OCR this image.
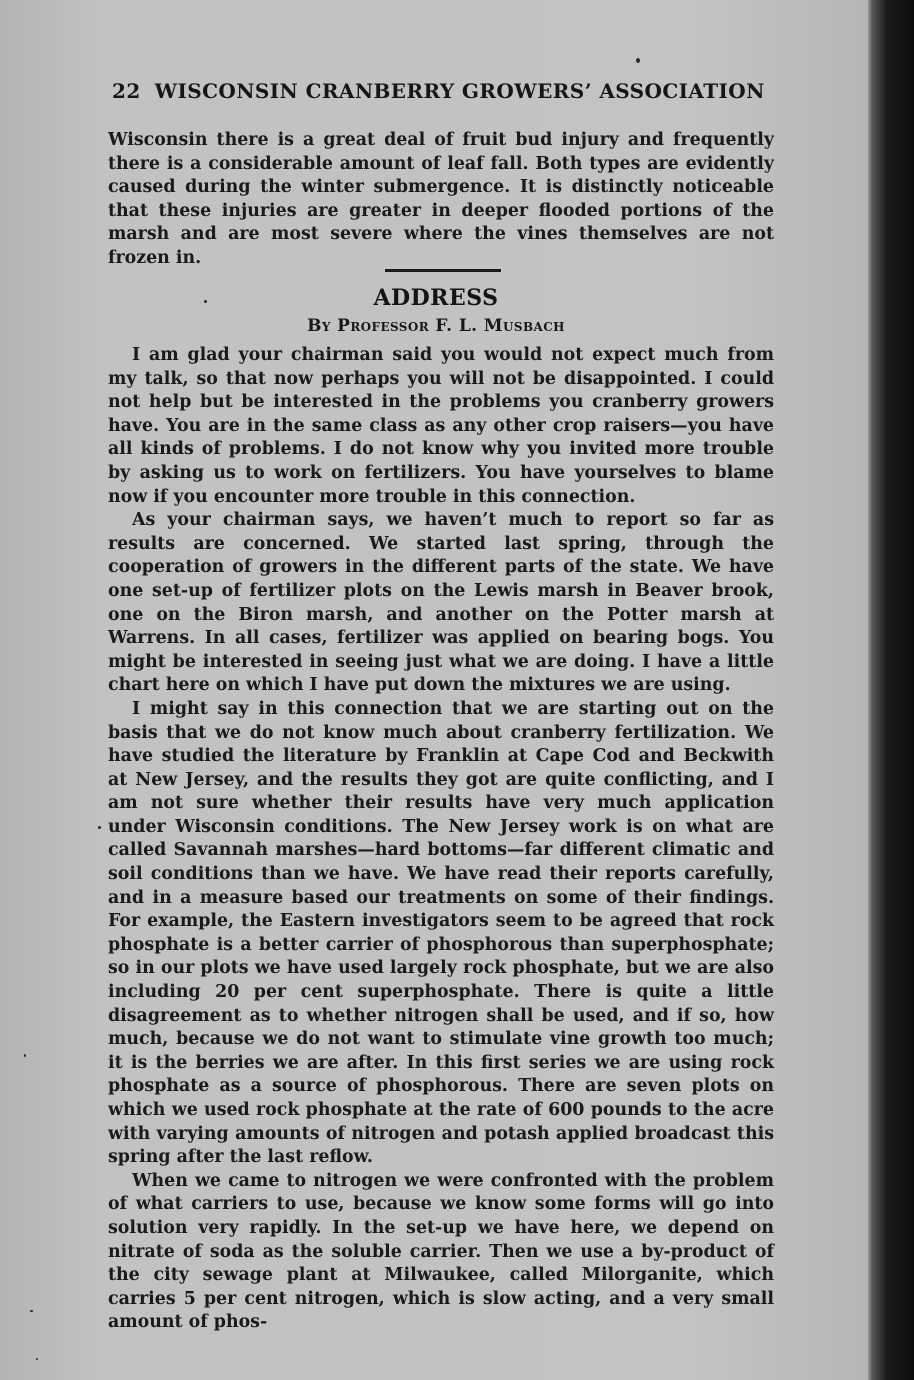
22 WISCONSIN CRANBERRY GROWERS’ ASSOCIATION

Wisconsin there is a great deal of fruit bud injury and frequently there is a considerable amount of leaf fall. Both types are evidently caused during the winter submergence. It is distinctly noticeable that these injuries are greater in deeper flooded portions of the marsh and are most severe where the vines themselves are not frozen in.

ADDRESS
By Professor F. L. Musbach

I am glad your chairman said you would not expect much from my talk, so that now perhaps you will not be disappointed. I could not help but be interested in the problems you cranberry growers have. You are in the same class as any other crop raisers—you have all kinds of problems. I do not know why you invited more trouble by asking us to work on fertilizers. You have yourselves to blame now if you encounter more trouble in this connection.

As your chairman says, we haven’t much to report so far as results are concerned. We started last spring, through the cooperation of growers in the different parts of the state. We have one set-up of fertilizer plots on the Lewis marsh in Beaver brook, one on the Biron marsh, and another on the Potter marsh at Warrens. In all cases, fertilizer was applied on bearing bogs. You might be interested in seeing just what we are doing. I have a little chart here on which I have put down the mixtures we are using.

I might say in this connection that we are starting out on the basis that we do not know much about cranberry fertilization. We have studied the literature by Franklin at Cape Cod and Beckwith at New Jersey, and the results they got are quite conflicting, and I am not sure whether their results have very much application under Wisconsin conditions. The New Jersey work is on what are called Savannah marshes—hard bottoms—far different climatic and soil conditions than we have. We have read their reports carefully, and in a measure based our treatments on some of their findings. For example, the Eastern investigators seem to be agreed that rock phosphate is a better carrier of phosphorous than superphosphate; so in our plots we have used largely rock phosphate, but we are also including 20 per cent superphosphate. There is quite a little disagreement as to whether nitrogen shall be used, and if so, how much, because we do not want to stimulate vine growth too much; it is the berries we are after. In this first series we are using rock phosphate as a source of phosphorous. There are seven plots on which we used rock phosphate at the rate of 600 pounds to the acre with varying amounts of nitrogen and potash applied broadcast this spring after the last reflow.

When we came to nitrogen we were confronted with the problem of what carriers to use, because we know some forms will go into solution very rapidly. In the set-up we have here, we depend on nitrate of soda as the soluble carrier. Then we use a by-product of the city sewage plant at Milwaukee, called Milorganite, which carries 5 per cent nitrogen, which is slow acting, and a very small amount of phos-
